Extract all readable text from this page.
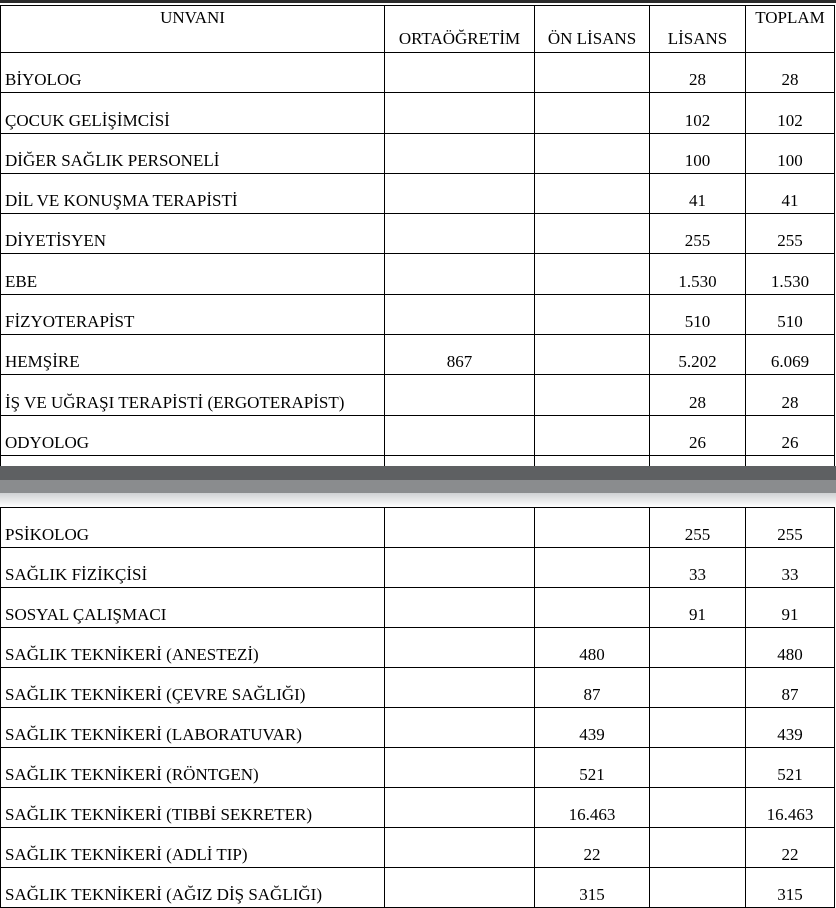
UNVANI	ORTAÖĞRETİM	ÖN LİSANS	LİSANS	TOPLAM
BİYOLOG			28	28
ÇOCUK GELİŞİMCİSİ			102	102
DİĞER SAĞLIK PERSONELİ			100	100
DİL VE KONUŞMA TERAPİSTİ			41	41
DİYETİSYEN			255	255
EBE			1.530	1.530
FİZYOTERAPİST			510	510
HEMŞİRE	867		5.202	6.069
İŞ VE UĞRAŞI TERAPİSTİ (ERGOTERAPİST)			28	28
ODYOLOG			26	26

PSİKOLOG			255	255
SAĞLIK FİZİKÇİSİ			33	33
SOSYAL ÇALIŞMACI			91	91
SAĞLIK TEKNİKERİ (ANESTEZİ)		480		480
SAĞLIK TEKNİKERİ (ÇEVRE SAĞLIĞI)		87		87
SAĞLIK TEKNİKERİ (LABORATUVAR)		439		439
SAĞLIK TEKNİKERİ (RÖNTGEN)		521		521
SAĞLIK TEKNİKERİ (TIBBİ SEKRETER)		16.463		16.463
SAĞLIK TEKNİKERİ (ADLİ TIP)		22		22
SAĞLIK TEKNİKERİ (AĞIZ DİŞ SAĞLIĞI)		315		315
